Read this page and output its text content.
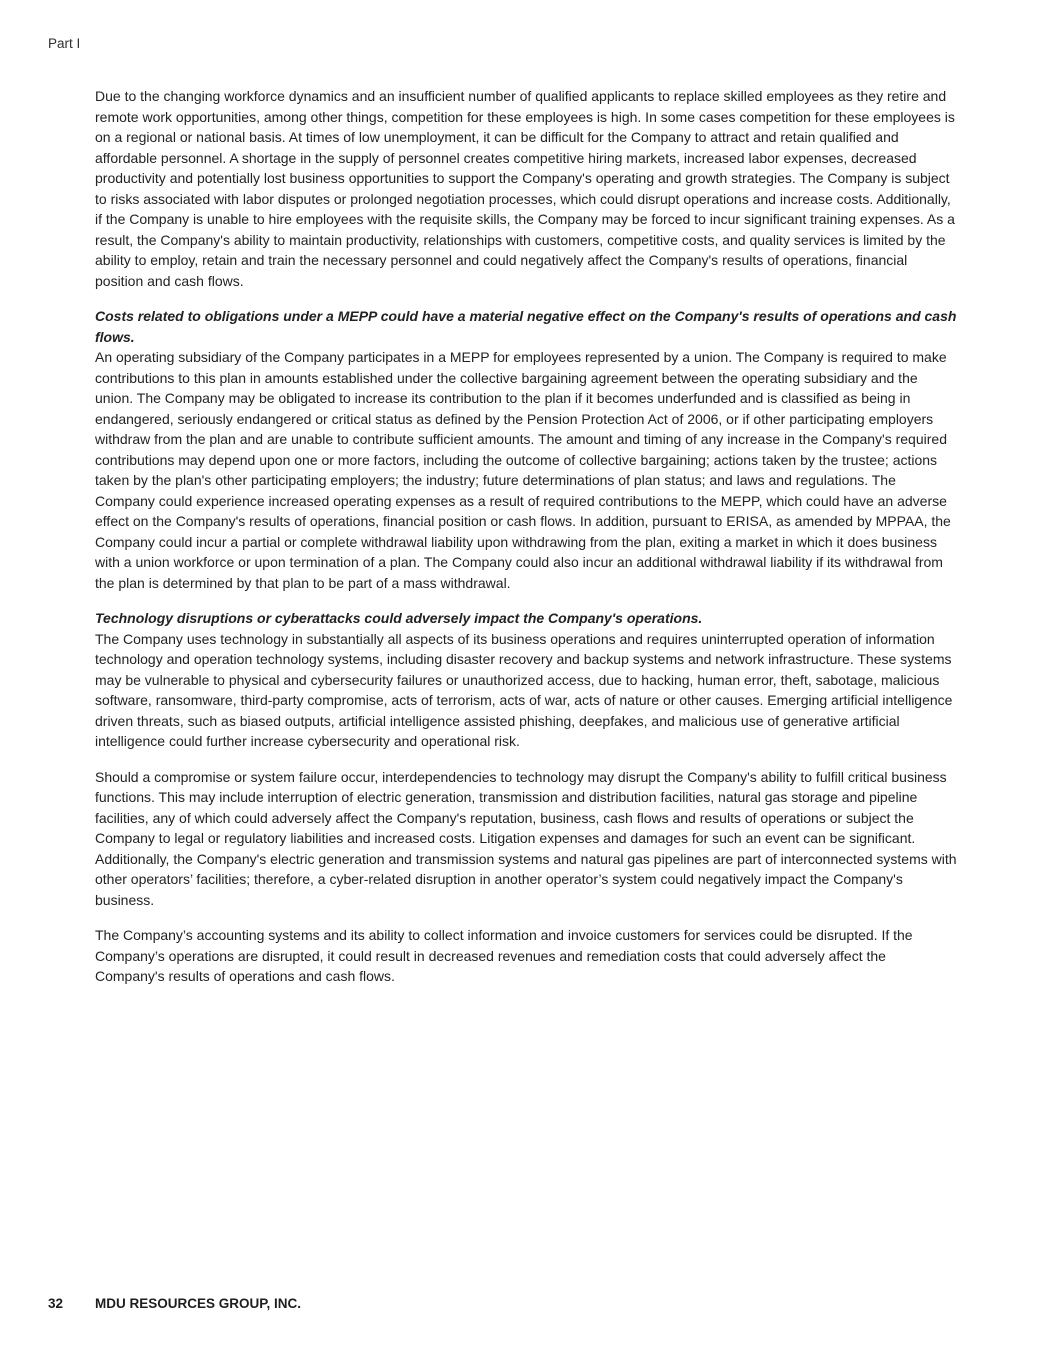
Part I

Due to the changing workforce dynamics and an insufficient number of qualified applicants to replace skilled employees as they retire and remote work opportunities, among other things, competition for these employees is high. In some cases competition for these employees is on a regional or national basis. At times of low unemployment, it can be difficult for the Company to attract and retain qualified and affordable personnel. A shortage in the supply of personnel creates competitive hiring markets, increased labor expenses, decreased productivity and potentially lost business opportunities to support the Company's operating and growth strategies. The Company is subject to risks associated with labor disputes or prolonged negotiation processes, which could disrupt operations and increase costs. Additionally, if the Company is unable to hire employees with the requisite skills, the Company may be forced to incur significant training expenses. As a result, the Company's ability to maintain productivity, relationships with customers, competitive costs, and quality services is limited by the ability to employ, retain and train the necessary personnel and could negatively affect the Company's results of operations, financial position and cash flows.

Costs related to obligations under a MEPP could have a material negative effect on the Company's results of operations and cash flows.

An operating subsidiary of the Company participates in a MEPP for employees represented by a union. The Company is required to make contributions to this plan in amounts established under the collective bargaining agreement between the operating subsidiary and the union. The Company may be obligated to increase its contribution to the plan if it becomes underfunded and is classified as being in endangered, seriously endangered or critical status as defined by the Pension Protection Act of 2006, or if other participating employers withdraw from the plan and are unable to contribute sufficient amounts. The amount and timing of any increase in the Company's required contributions may depend upon one or more factors, including the outcome of collective bargaining; actions taken by the trustee; actions taken by the plan's other participating employers; the industry; future determinations of plan status; and laws and regulations. The Company could experience increased operating expenses as a result of required contributions to the MEPP, which could have an adverse effect on the Company's results of operations, financial position or cash flows. In addition, pursuant to ERISA, as amended by MPPAA, the Company could incur a partial or complete withdrawal liability upon withdrawing from the plan, exiting a market in which it does business with a union workforce or upon termination of a plan. The Company could also incur an additional withdrawal liability if its withdrawal from the plan is determined by that plan to be part of a mass withdrawal.

Technology disruptions or cyberattacks could adversely impact the Company's operations.

The Company uses technology in substantially all aspects of its business operations and requires uninterrupted operation of information technology and operation technology systems, including disaster recovery and backup systems and network infrastructure. These systems may be vulnerable to physical and cybersecurity failures or unauthorized access, due to hacking, human error, theft, sabotage, malicious software, ransomware, third-party compromise, acts of terrorism, acts of war, acts of nature or other causes. Emerging artificial intelligence driven threats, such as biased outputs, artificial intelligence assisted phishing, deepfakes, and malicious use of generative artificial intelligence could further increase cybersecurity and operational risk.

Should a compromise or system failure occur, interdependencies to technology may disrupt the Company's ability to fulfill critical business functions. This may include interruption of electric generation, transmission and distribution facilities, natural gas storage and pipeline facilities, any of which could adversely affect the Company's reputation, business, cash flows and results of operations or subject the Company to legal or regulatory liabilities and increased costs. Litigation expenses and damages for such an event can be significant. Additionally, the Company's electric generation and transmission systems and natural gas pipelines are part of interconnected systems with other operators’ facilities; therefore, a cyber-related disruption in another operator’s system could negatively impact the Company's business.

The Company’s accounting systems and its ability to collect information and invoice customers for services could be disrupted. If the Company’s operations are disrupted, it could result in decreased revenues and remediation costs that could adversely affect the Company's results of operations and cash flows.

32 MDU RESOURCES GROUP, INC.
